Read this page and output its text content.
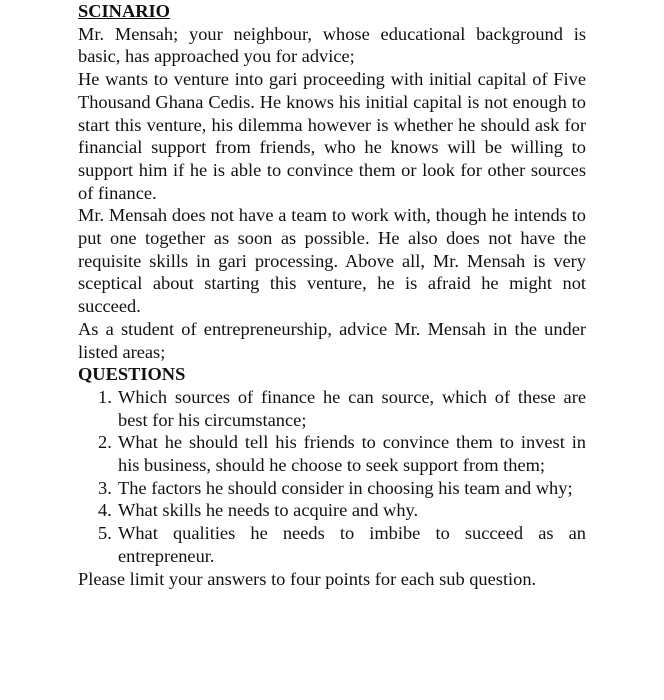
SCINARIO

Mr. Mensah; your neighbour, whose educational background is basic, has approached you for advice;

He wants to venture into gari proceeding with initial capital of Five Thousand Ghana Cedis. He knows his initial capital is not enough to start this venture, his dilemma however is whether he should ask for financial support from friends, who he knows will be willing to support him if he is able to convince them or look for other sources of finance.

Mr. Mensah does not have a team to work with, though he intends to put one together as soon as possible. He also does not have the requisite skills in gari processing. Above all, Mr. Mensah is very sceptical about starting this venture, he is afraid he might not succeed.

As a student of entrepreneurship, advice Mr. Mensah in the under listed areas;

QUESTIONS

1. Which sources of finance he can source, which of these are best for his circumstance;
2. What he should tell his friends to convince them to invest in his business, should he choose to seek support from them;
3. The factors he should consider in choosing his team and why;
4. What skills he needs to acquire and why.
5. What qualities he needs to imbibe to succeed as an entrepreneur.

Please limit your answers to four points for each sub question.
